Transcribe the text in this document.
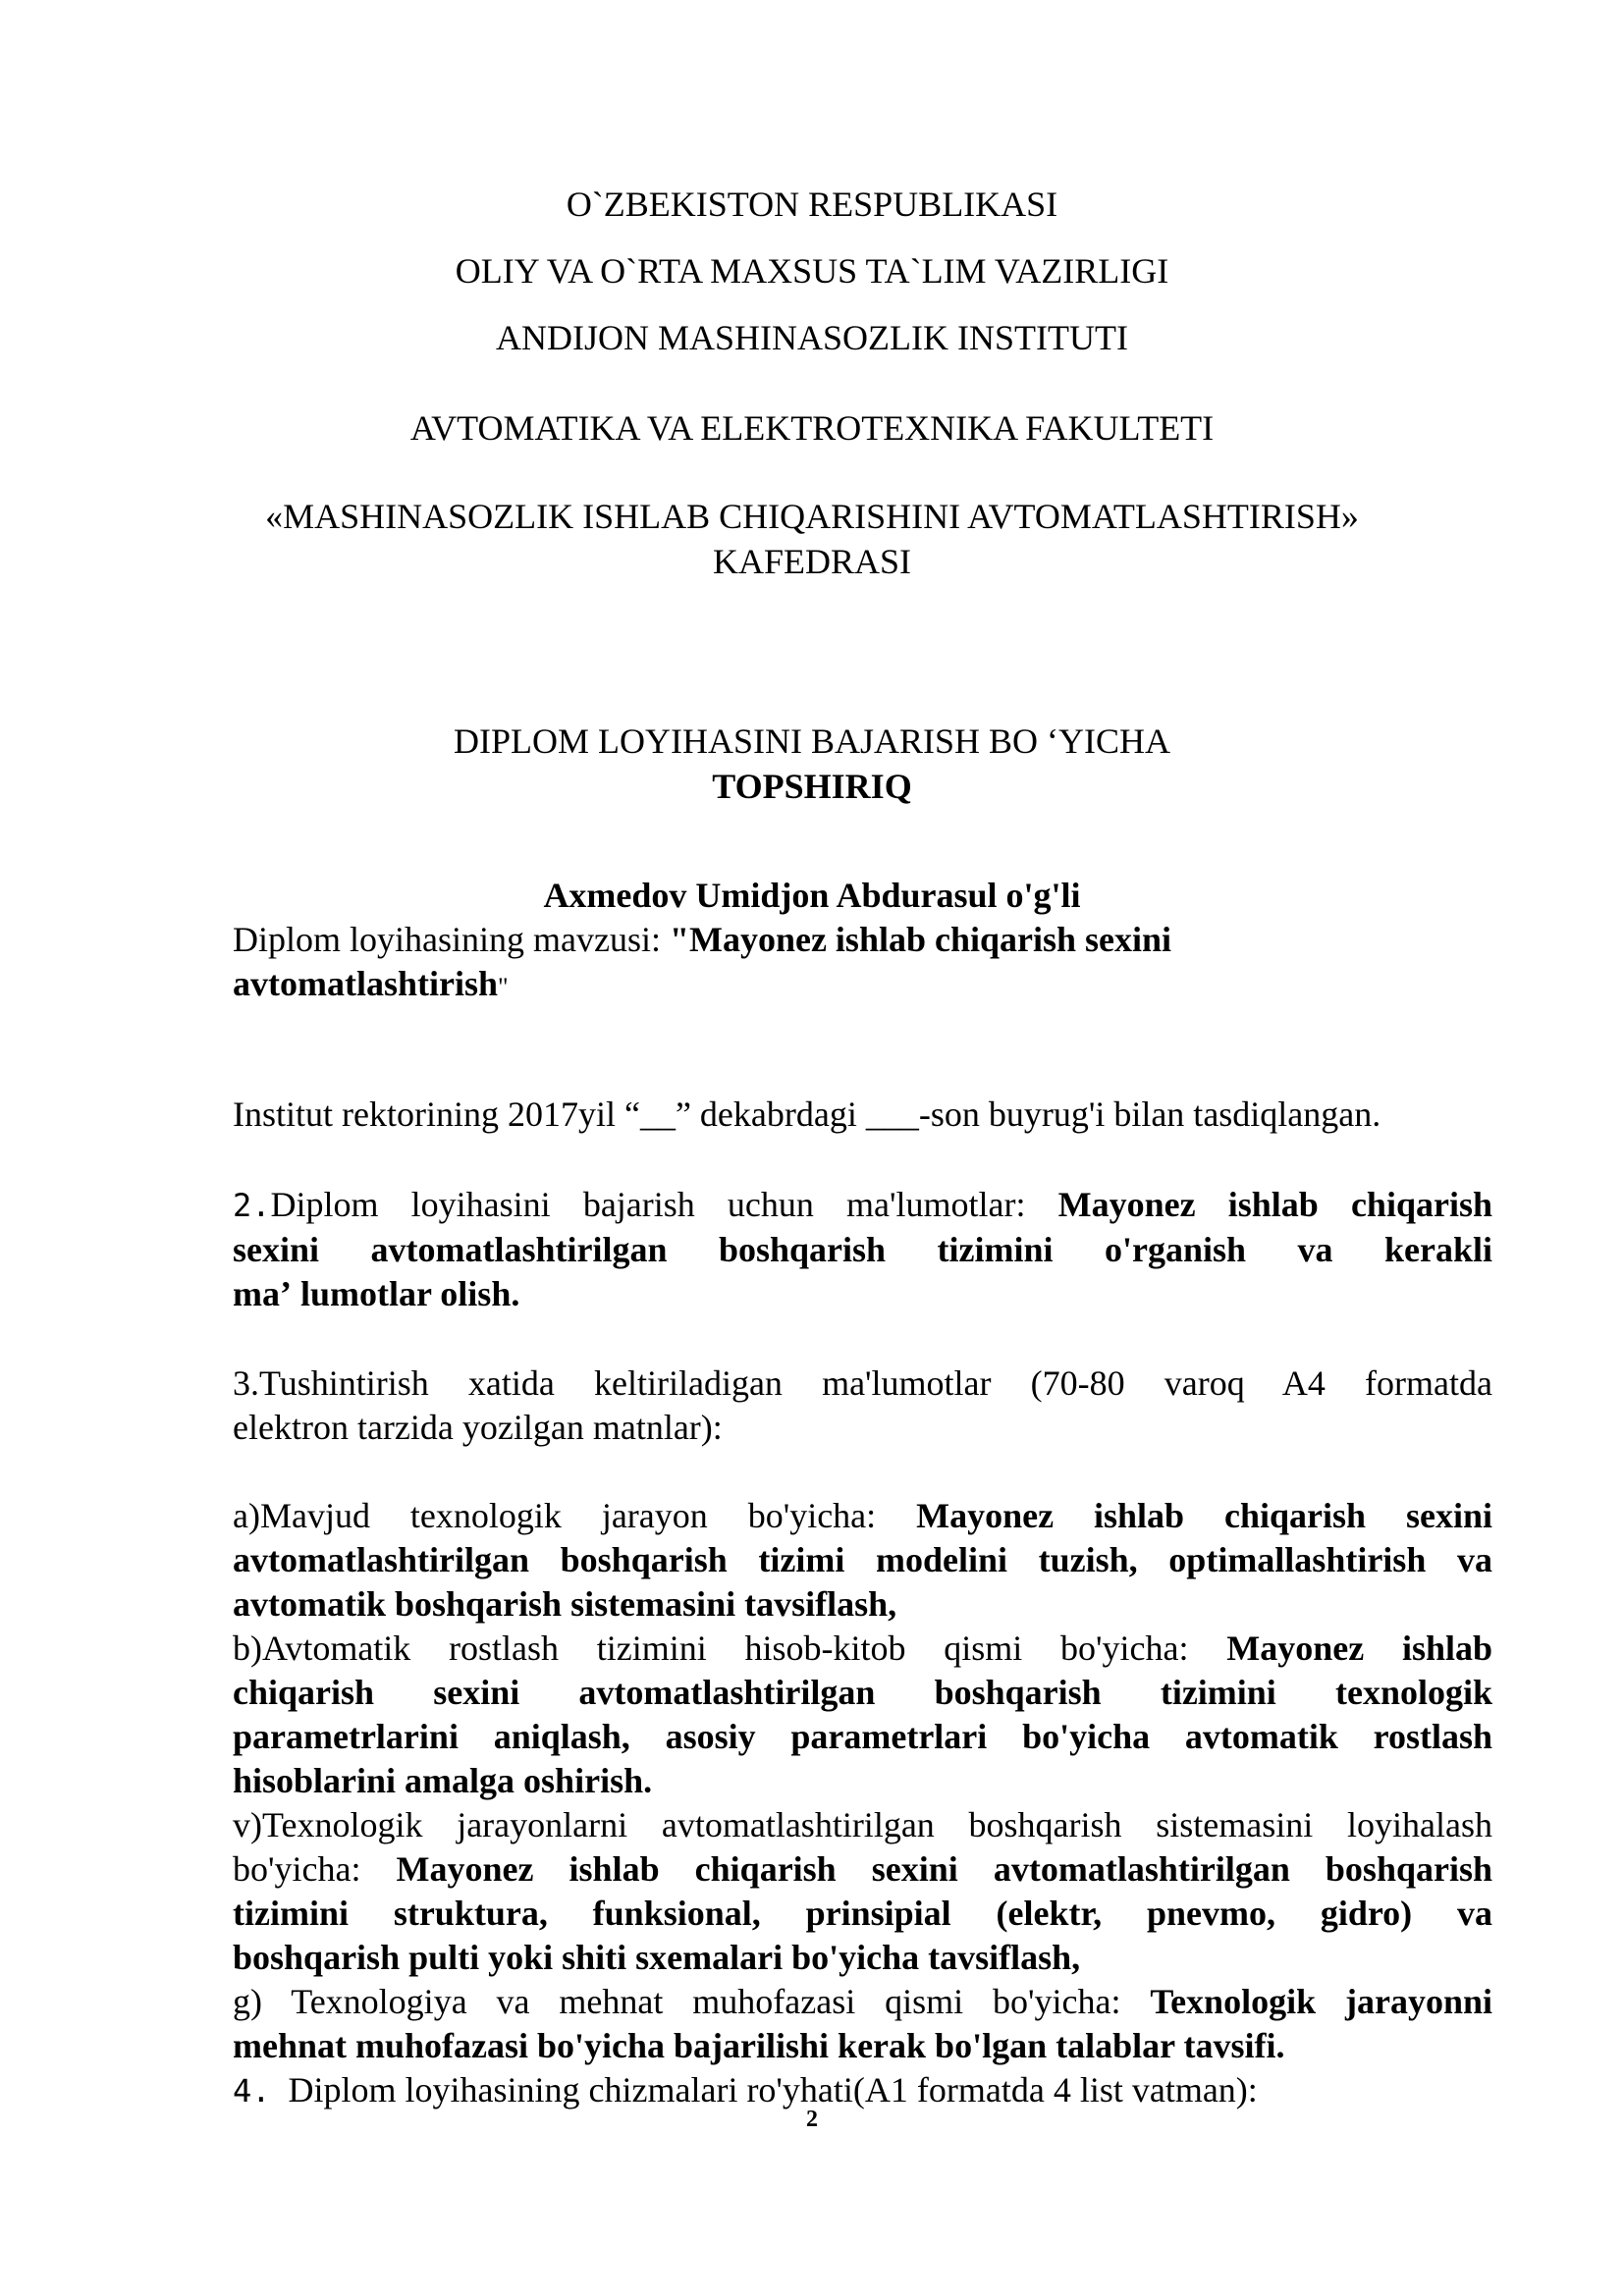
O`ZBEKISTON RESPUBLIKASI
OLIY VA O`RTA MAXSUS TA`LIM VAZIRLIGI
ANDIJON MASHINASOZLIK INSTITUTI
AVTOMATIKA VA ELEKTROTEXNIKA FAKULTETI
«MASHINASOZLIK ISHLAB CHIQARISHINI AVTOMATLASHTIRISH»
KAFEDRASI
DIPLOM LOYIHASINI BAJARISH BO ʻYICHA
TOPSHIRIQ
Axmedov Umidjon Abdurasul o'g'li
Diplom loyihasining mavzusi: "Mayonez ishlab chiqarish sexini
avtomatlashtirish"
Institut rektorining 2017yil “__” dekabrdagi ___-son buyrug'i bilan tasdiqlangan.
2.Diplom loyihasini bajarish uchun ma'lumotlar: Mayonez ishlab chiqarish
sexini avtomatlashtirilgan boshqarish tizimini o'rganish va kerakli
maʼ lumotlar olish.
3.Tushintirish xatida keltiriladigan ma'lumotlar (70-80 varoq A4 formatda
elektron tarzida yozilgan matnlar):
a)Mavjud texnologik jarayon bo'yicha: Mayonez ishlab chiqarish sexini
avtomatlashtirilgan boshqarish tizimi modelini tuzish, optimallashtirish va
avtomatik boshqarish sistemasini tavsiflash,
b)Avtomatik rostlash tizimini hisob-kitob qismi bo'yicha: Mayonez ishlab
chiqarish sexini avtomatlashtirilgan boshqarish tizimini texnologik
parametrlarini aniqlash, asosiy parametrlari bo'yicha avtomatik rostlash
hisoblarini amalga oshirish.
v)Texnologik jarayonlarni avtomatlashtirilgan boshqarish sistemasini loyihalash
bo'yicha: Mayonez ishlab chiqarish sexini avtomatlashtirilgan boshqarish
tizimini struktura, funksional, prinsipial (elektr, pnevmo, gidro) va
boshqarish pulti yoki shiti sxemalari bo'yicha tavsiflash,
g) Texnologiya va mehnat muhofazasi qismi bo'yicha: Texnologik jarayonni
mehnat muhofazasi bo'yicha bajarilishi kerak bo'lgan talablar tavsifi.
4. Diplom loyihasining chizmalari ro'yhati(A1 formatda 4 list vatman):
2
